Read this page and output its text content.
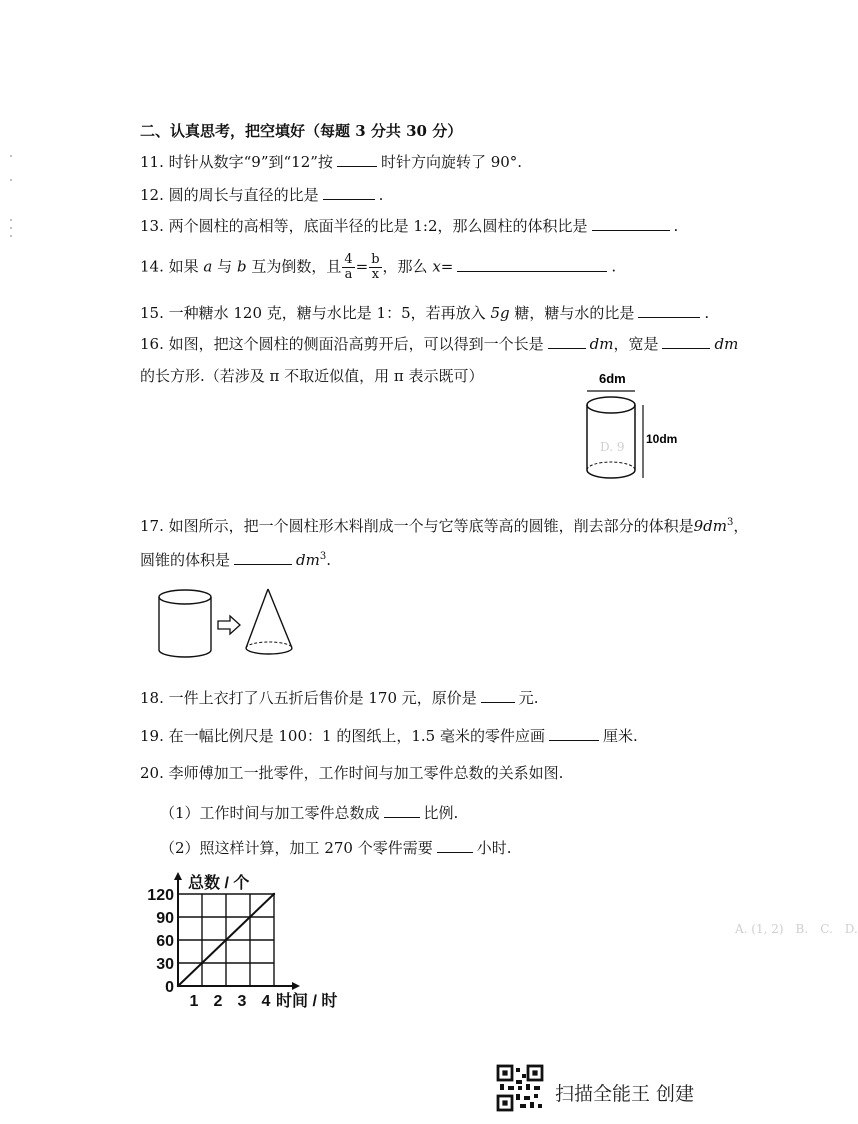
D. 9
A. (1, 2)　B.　C.　D.
二、认真思考，把空填好（每题 3 分共 30 分）
11. 时针从数字“9”到“12”按	时针方向旋转了 90°.
12. 圆的周长与直径的比是	.
13. 两个圆柱的高相等，底面半径的比是 1:2，那么圆柱的体积比是	.
14. 如果 a 与 b 互为倒数，且 $\frac{4}{a} = \frac{b}{x}$ ，那么 x=	.
15. 一种糖水 120 克，糖与水比是 1：5，若再放入 5g 糖，糖与水的比是	.
16. 如图，把这个圆柱的侧面沿高剪开后，可以得到一个长是	dm，宽是	dm
的长方形.（若涉及 π 不取近似值，用 π 表示既可）	6dm
10dm
17. 如图所示，把一个圆柱形木料削成一个与它等底等高的圆锥，削去部分的体积是$9dm^3$，
圆锥的体积是	$dm^3$.
18. 一件上衣打了八五折后售价是 170 元，原价是	元.
19. 在一幅比例尺是 100：1 的图纸上，1.5 毫米的零件应画	厘米.
20. 李师傅加工一批零件，工作时间与加工零件总数的关系如图.
（1）工作时间与加工零件总数成	比例.
（2）照这样计算，加工 270 个零件需要	小时.
0
30
60
90
120
1 2 3 4
总数 / 个
时间 / 时
扫描全能王 创建
